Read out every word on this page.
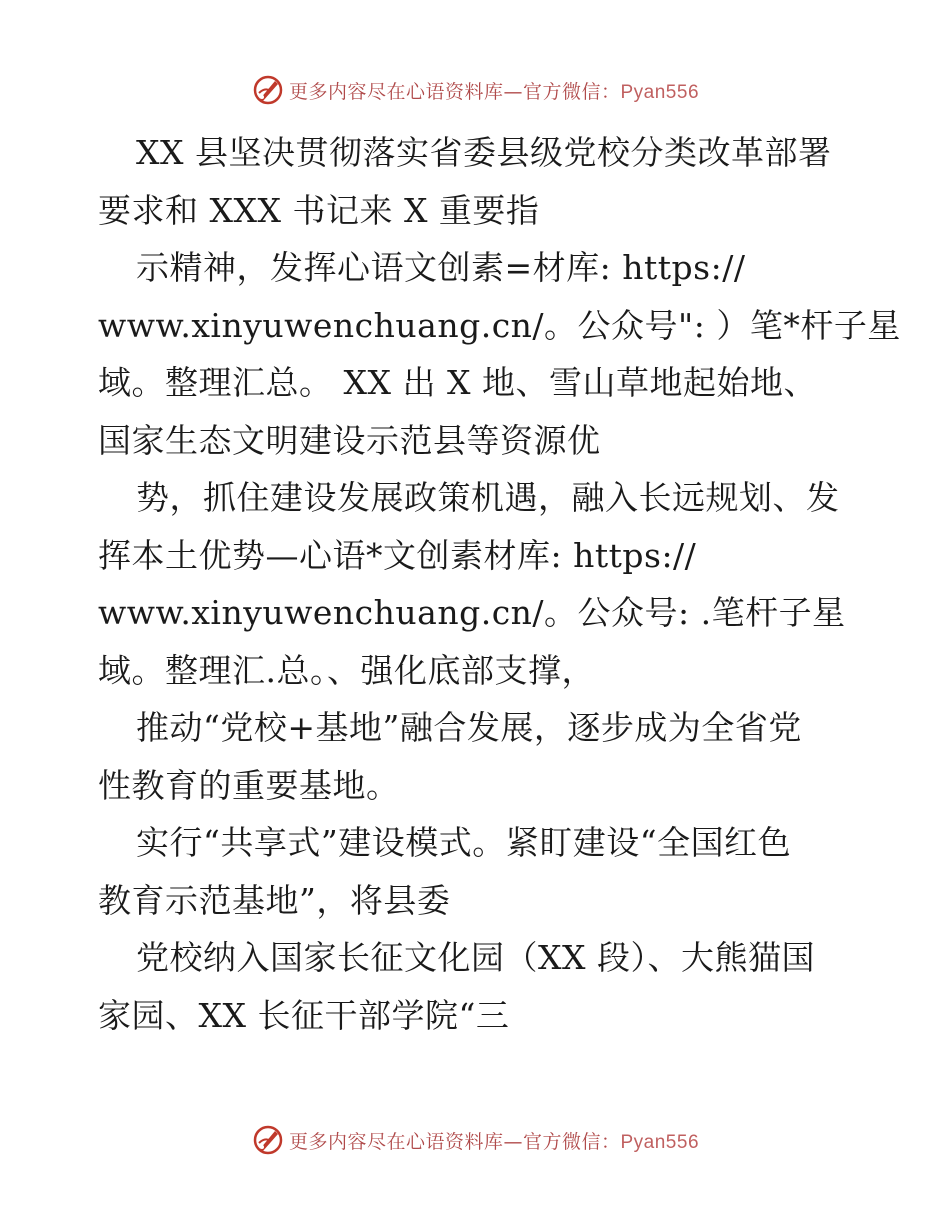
更多内容尽在心语资料库—官方微信：Pyan556
XX 县坚决贯彻落实省委县级党校分类改革部署
要求和 XXX 书记来 X 重要指
示精神，发挥心语文创素=材库: https://
www.xinyuwenchuang.cn/。公众号": ）笔*杆子星
域。整理汇总。 XX 出 X 地、雪山草地起始地、
国家生态文明建设示范县等资源优
势，抓住建设发展政策机遇，融入长远规划、发
挥本土优势—心语*文创素材库: https://
www.xinyuwenchuang.cn/。公众号: .笔杆子星
域。整理汇.总。、强化底部支撑，
推动“党校+基地”融合发展，逐步成为全省党
性教育的重要基地。
实行“共享式”建设模式。紧盯建设“全国红色
教育示范基地”，将县委
党校纳入国家长征文化园（XX 段）、大熊猫国
家园、XX 长征干部学院“三
更多内容尽在心语资料库—官方微信：Pyan556
